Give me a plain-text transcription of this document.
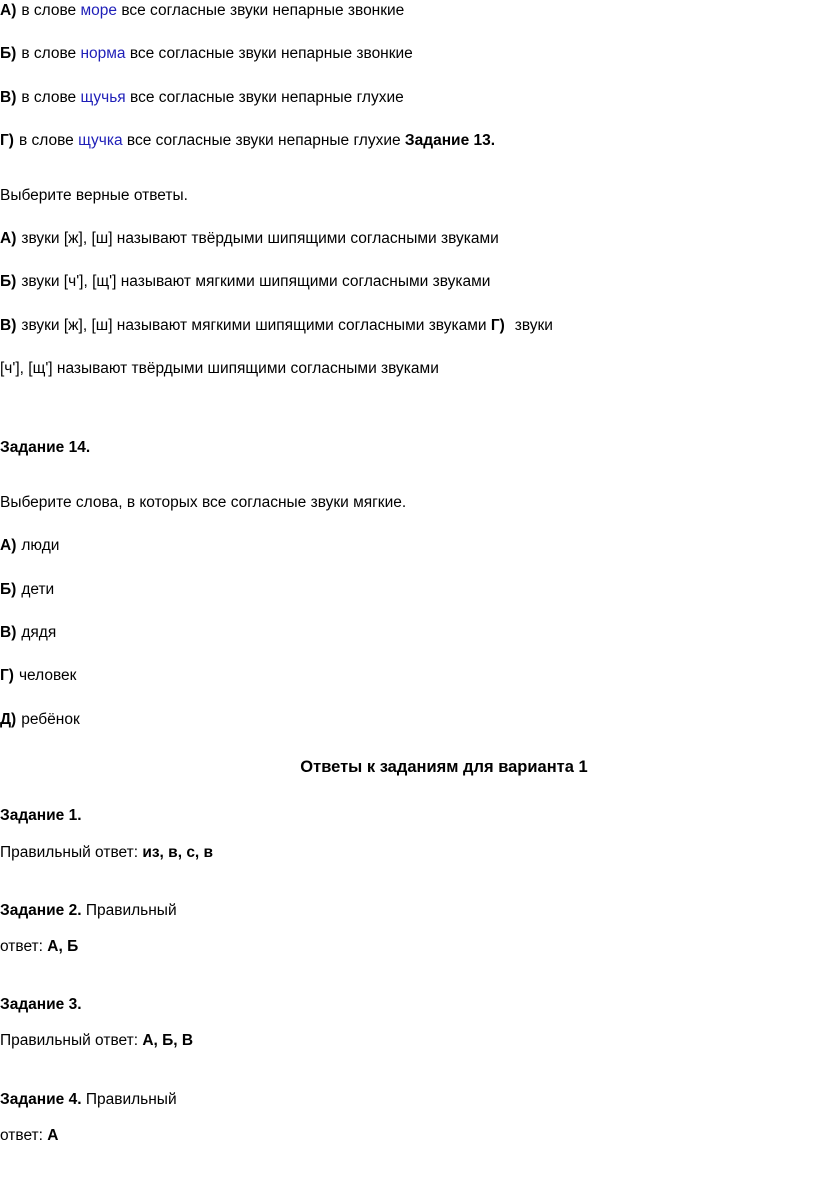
А) в слове море все согласные звуки непарные звонкие
Б) в слове норма все согласные звуки непарные звонкие
В) в слове щучья все согласные звуки непарные глухие
Г) в слове щучка все согласные звуки непарные глухие Задание 13.
Выберите верные ответы.
А) звуки [ж], [ш] называют твёрдыми шипящими согласными звуками
Б) звуки [ч'], [щ'] называют мягкими шипящими согласными звуками
В) звуки [ж], [ш] называют мягкими шипящими согласными звуками Г) звуки
[ч'], [щ'] называют твёрдыми шипящими согласными звуками
Задание 14.
Выберите слова, в которых все согласные звуки мягкие.
А) люди
Б) дети
В) дядя
Г) человек
Д) ребёнок
Ответы к заданиям для варианта 1
Задание 1.
Правильный ответ: из, в, с, в
Задание 2. Правильный
ответ: А, Б
Задание 3.
Правильный ответ: А, Б, В
Задание 4. Правильный
ответ: А
